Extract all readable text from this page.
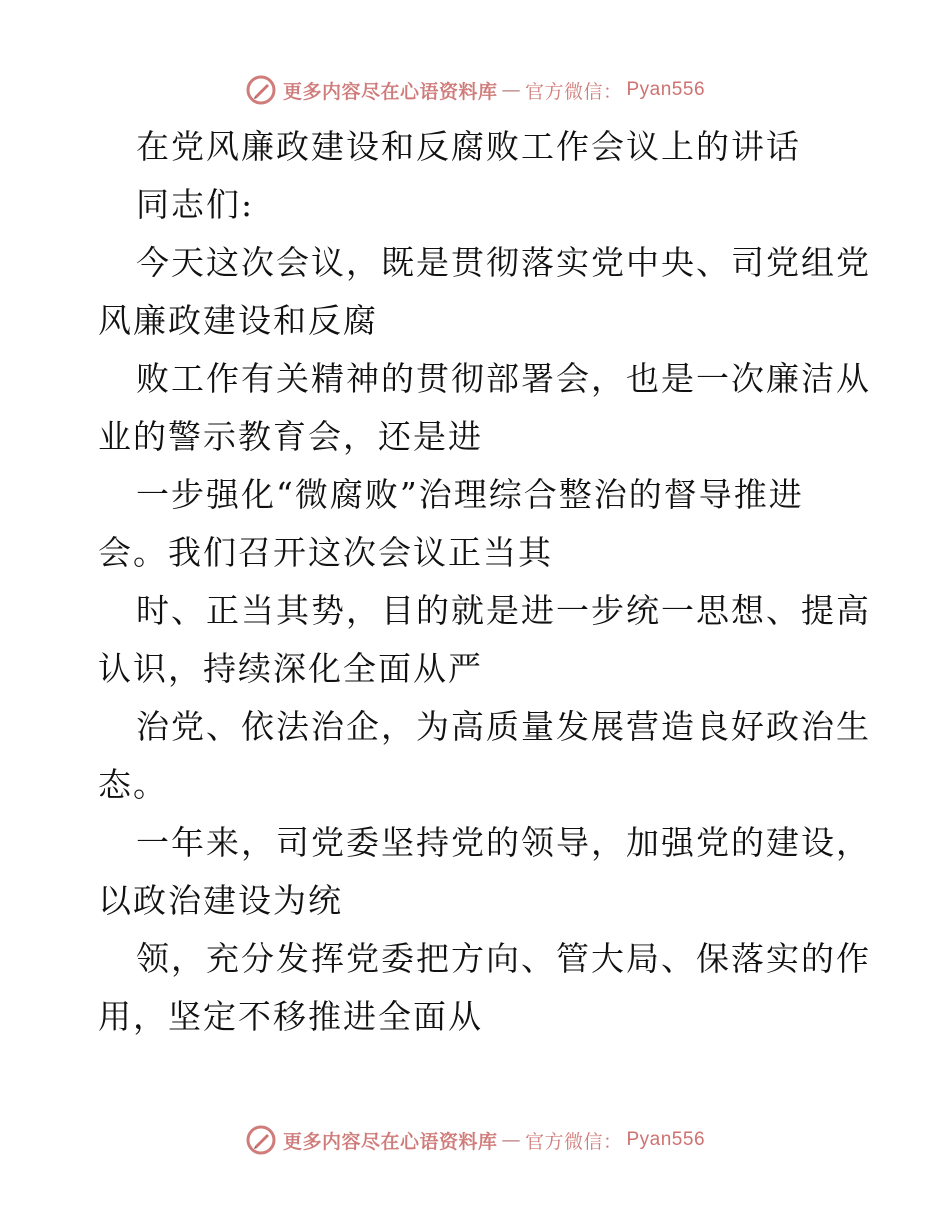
更多内容尽在心语资料库 — 官方微信： Pyan556
在党风廉政建设和反腐败工作会议上的讲话
同志们:
今天这次会议，既是贯彻落实党中央、司党组党
风廉政建设和反腐
败工作有关精神的贯彻部署会，也是一次廉洁从
业的警示教育会，还是进
一步强化“微腐败”治理综合整治的督导推进
会。我们召开这次会议正当其
时、正当其势，目的就是进一步统一思想、提高
认识，持续深化全面从严
治党、依法治企，为高质量发展营造良好政治生
态。
一年来，司党委坚持党的领导，加强党的建设，
以政治建设为统
领，充分发挥党委把方向、管大局、保落实的作
用，坚定不移推进全面从
更多内容尽在心语资料库 — 官方微信： Pyan556
